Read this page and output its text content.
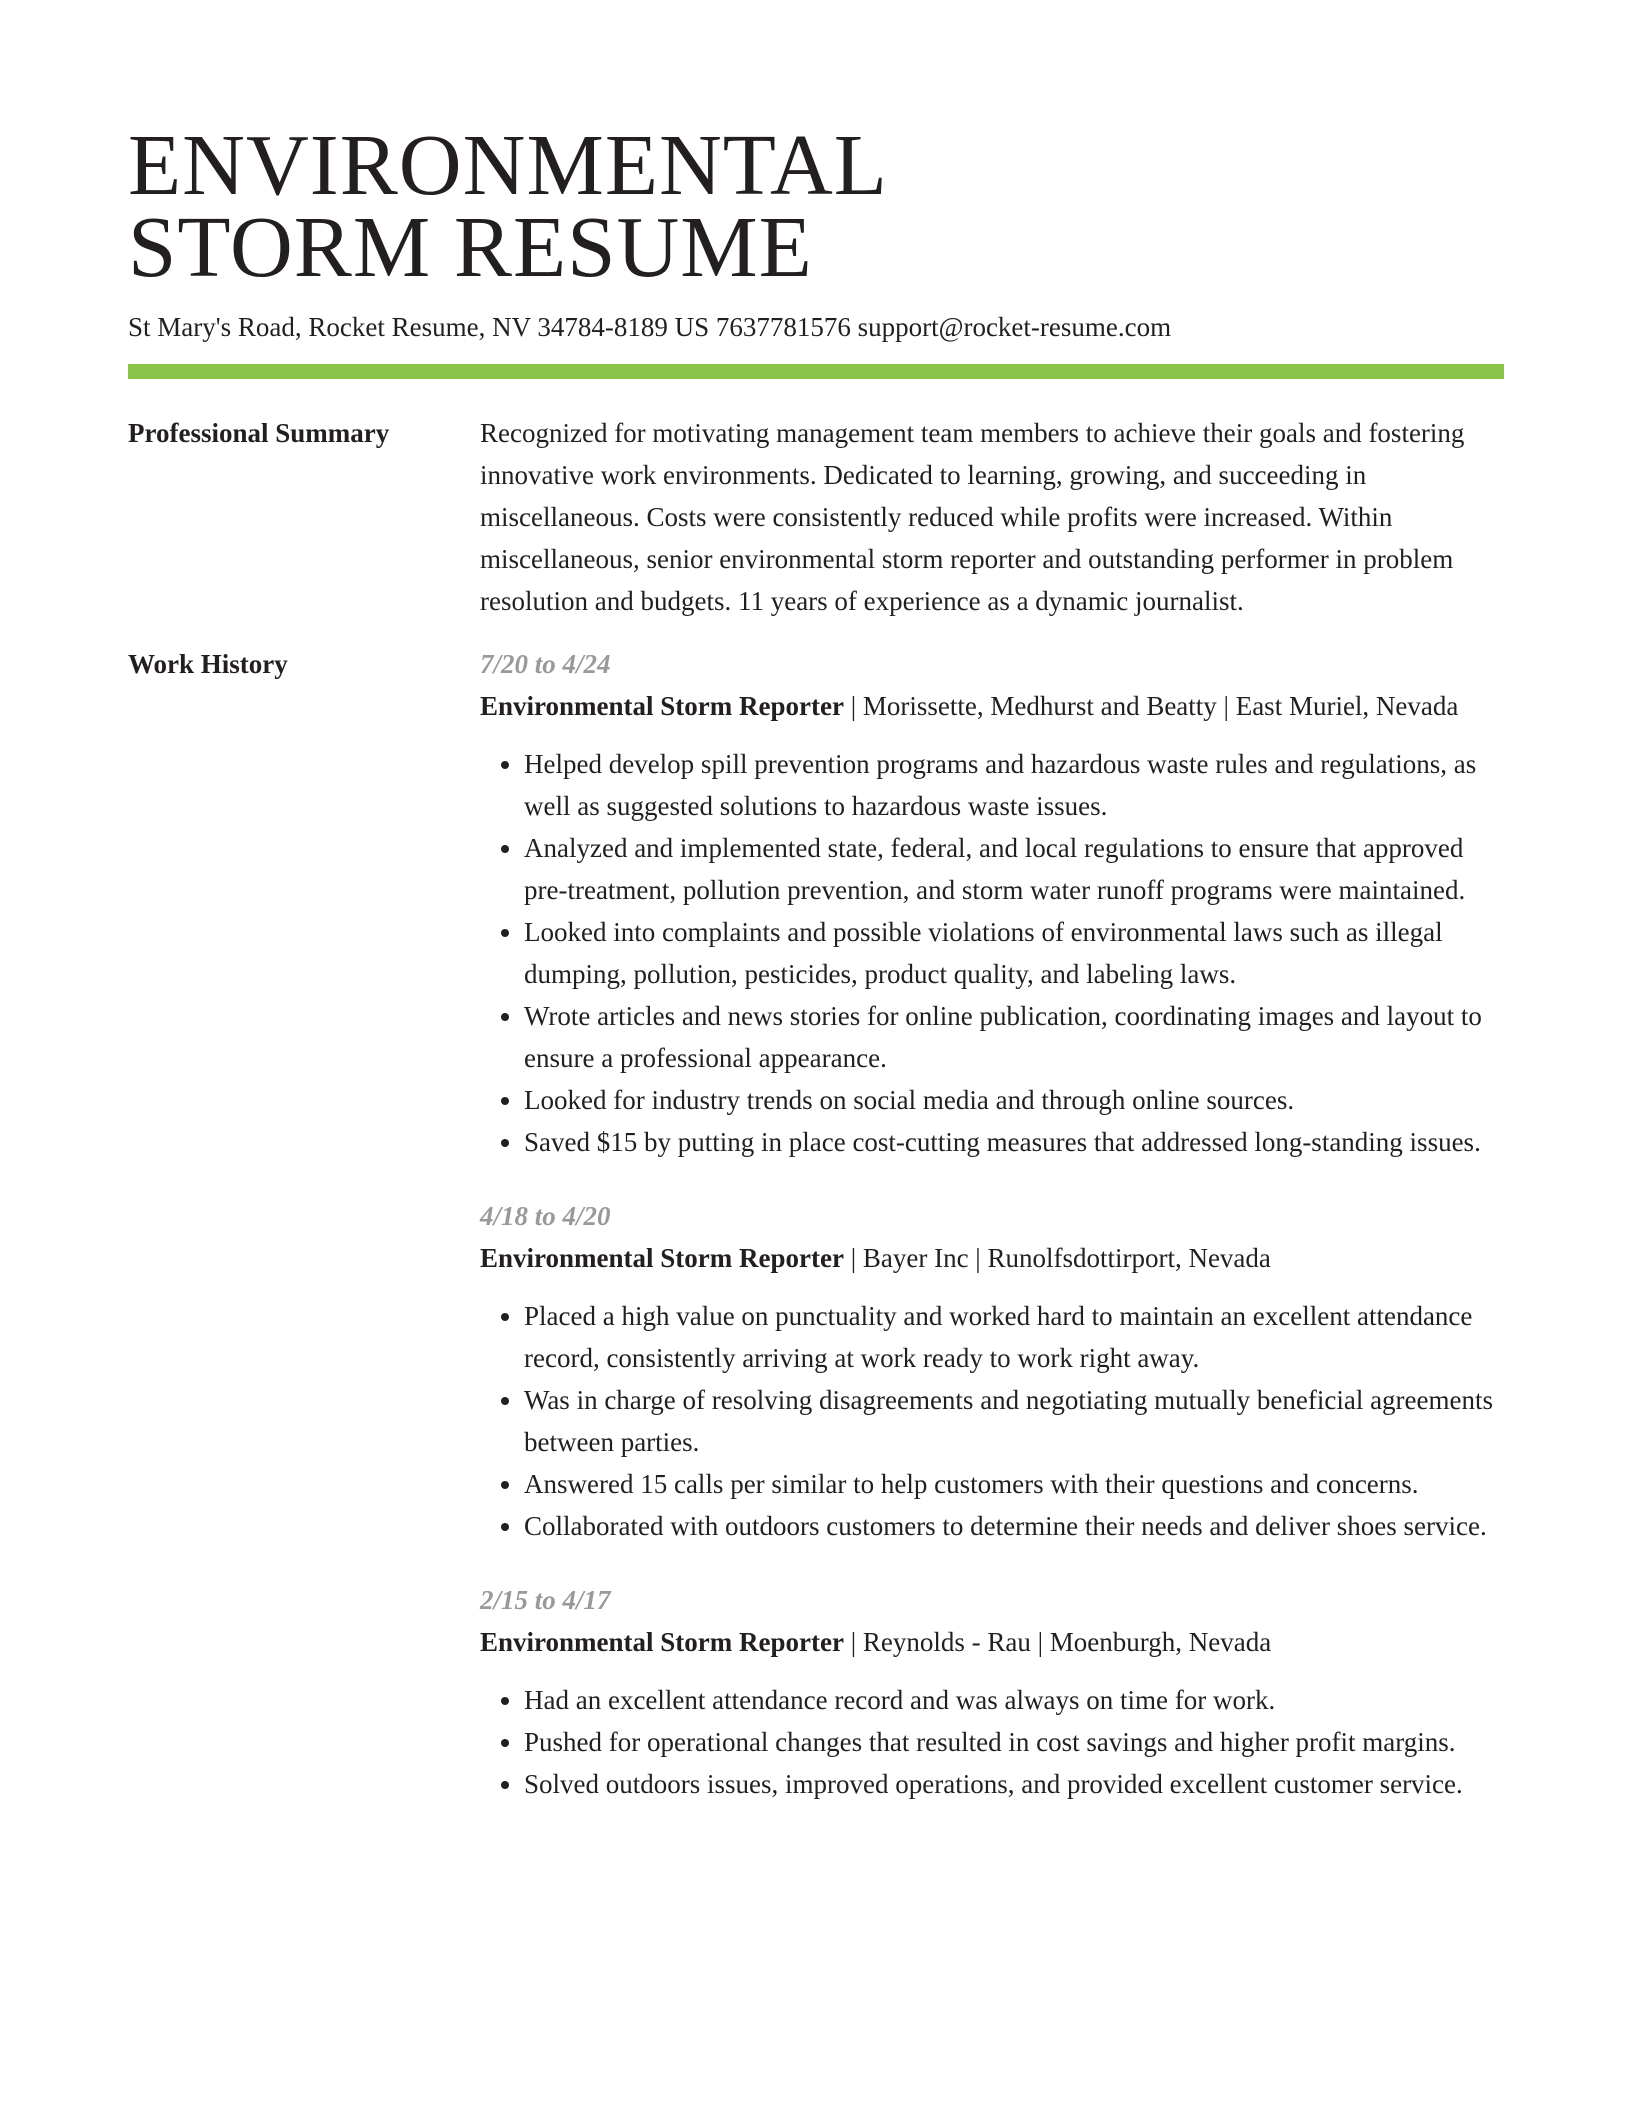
ENVIRONMENTAL
STORM RESUME
St Mary's Road, Rocket Resume, NV 34784-8189 US 7637781576 support@rocket-resume.com
Professional Summary	Recognized for motivating management team members to achieve their goals and fostering innovative work environments. Dedicated to learning, growing, and succeeding in miscellaneous. Costs were consistently reduced while profits were increased. Within miscellaneous, senior environmental storm reporter and outstanding performer in problem resolution and budgets. 11 years of experience as a dynamic journalist.
Work History	7/20 to 4/24
Environmental Storm Reporter | Morissette, Medhurst and Beatty | East Muriel, Nevada
• Helped develop spill prevention programs and hazardous waste rules and regulations, as well as suggested solutions to hazardous waste issues.
• Analyzed and implemented state, federal, and local regulations to ensure that approved pre-treatment, pollution prevention, and storm water runoff programs were maintained.
• Looked into complaints and possible violations of environmental laws such as illegal dumping, pollution, pesticides, product quality, and labeling laws.
• Wrote articles and news stories for online publication, coordinating images and layout to ensure a professional appearance.
• Looked for industry trends on social media and through online sources.
• Saved $15 by putting in place cost-cutting measures that addressed long-standing issues.
4/18 to 4/20
Environmental Storm Reporter | Bayer Inc | Runolfsdottirport, Nevada
• Placed a high value on punctuality and worked hard to maintain an excellent attendance record, consistently arriving at work ready to work right away.
• Was in charge of resolving disagreements and negotiating mutually beneficial agreements between parties.
• Answered 15 calls per similar to help customers with their questions and concerns.
• Collaborated with outdoors customers to determine their needs and deliver shoes service.
2/15 to 4/17
Environmental Storm Reporter | Reynolds - Rau | Moenburgh, Nevada
• Had an excellent attendance record and was always on time for work.
• Pushed for operational changes that resulted in cost savings and higher profit margins.
• Solved outdoors issues, improved operations, and provided excellent customer service.
